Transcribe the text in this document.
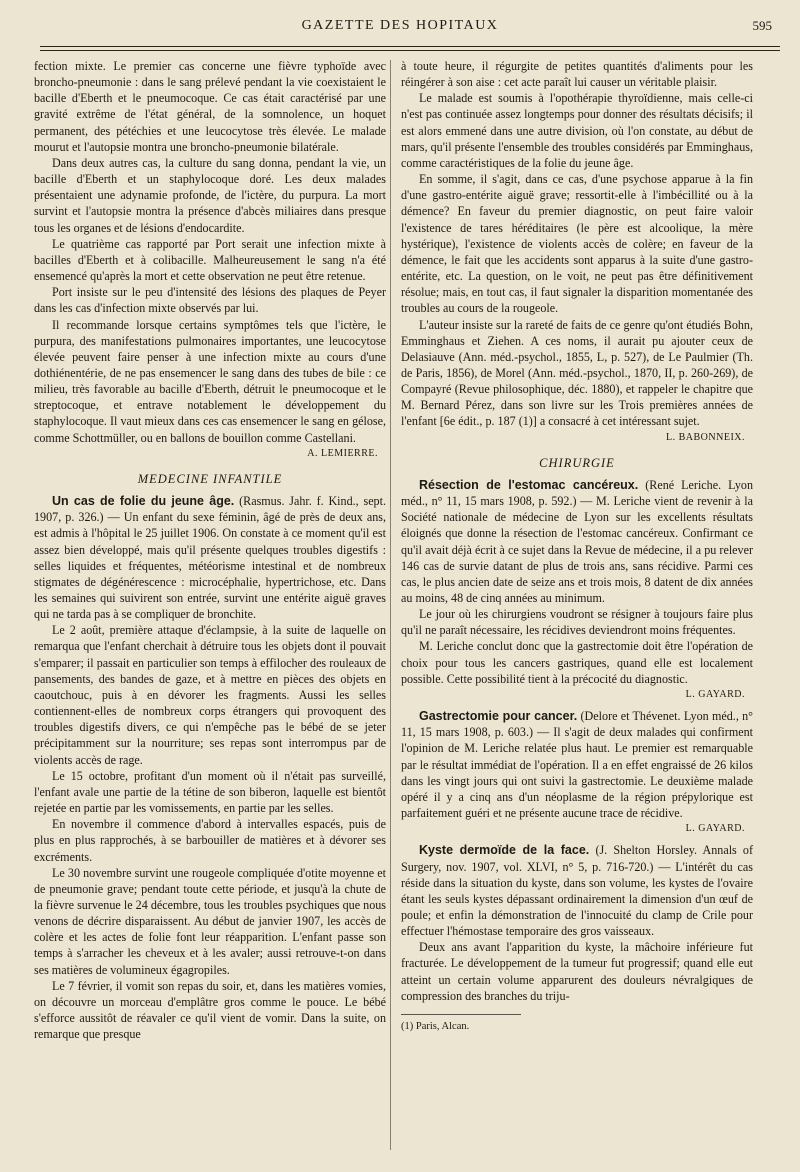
GAZETTE DES HOPITAUX	595

fection mixte. Le premier cas concerne une fièvre typhoïde avec broncho-pneumonie : dans le sang prélevé pendant la vie coexistaient le bacille d'Eberth et le pneumocoque. Ce cas était caractérisé par une gravité extrême de l'état général, de la somnolence, un hoquet permanent, des pétéchies et une leucocytose très élevée. Le malade mourut et l'autopsie montra une broncho-pneumonie bilatérale.

Dans deux autres cas, la culture du sang donna, pendant la vie, un bacille d'Eberth et un staphylocoque doré. Les deux malades présentaient une adynamie profonde, de l'ictère, du purpura. La mort survint et l'autopsie montra la présence d'abcès miliaires dans presque tous les organes et de lésions d'endocardite.

Le quatrième cas rapporté par Port serait une infection mixte à bacilles d'Eberth et à colibacille. Malheureusement le sang n'a été ensemencé qu'après la mort et cette observation ne peut être retenue.

Port insiste sur le peu d'intensité des lésions des plaques de Peyer dans les cas d'infection mixte observés par lui.

Il recommande lorsque certains symptômes tels que l'ictère, le purpura, des manifestations pulmonaires importantes, une leucocytose élevée peuvent faire penser à une infection mixte au cours d'une dothiénentérie, de ne pas ensemencer le sang dans des tubes de bile : ce milieu, très favorable au bacille d'Eberth, détruit le pneumocoque et le streptocoque, et entrave notablement le développement du staphylocoque. Il vaut mieux dans ces cas ensemencer le sang en gélose, comme Schottmüller, ou en ballons de bouillon comme Castellani.

A. LEMIERRE.
MEDECINE INFANTILE

Un cas de folie du jeune âge. (Rasmus. Jahr. f. Kind., sept. 1907, p. 326.) — Un enfant du sexe féminin, âgé de près de deux ans, est admis à l'hôpital le 25 juillet 1906. On constate à ce moment qu'il est assez bien développé, mais qu'il présente quelques troubles digestifs : selles liquides et fréquentes, météorisme intestinal et de nombreux stigmates de dégénérescence : microcéphalie, hypertrichose, etc. Dans les semaines qui suivirent son entrée, survint une entérite aiguë graves qui ne tarda pas à se compliquer de bronchite.

Le 2 août, première attaque d'éclampsie, à la suite de laquelle on remarqua que l'enfant cherchait à détruire tous les objets dont il pouvait s'emparer; il passait en particulier son temps à effilocher des rouleaux de pansements, des bandes de gaze, et à mettre en pièces des objets en caoutchouc, puis à en dévorer les fragments. Aussi les selles contiennent-elles de nombreux corps étrangers qui provoquent des troubles digestifs divers, ce qui n'empêche pas le bébé de se jeter précipitamment sur la nourriture; ses repas sont interrompus par de violents accès de rage.

Le 15 octobre, profitant d'un moment où il n'était pas surveillé, l'enfant avale une partie de la tétine de son biberon, laquelle est bientôt rejetée en partie par les vomissements, en partie par les selles.

En novembre il commence d'abord à intervalles espacés, puis de plus en plus rapprochés, à se barbouiller de matières et à dévorer ses excréments.

Le 30 novembre survint une rougeole compliquée d'otite moyenne et de pneumonie grave; pendant toute cette période, et jusqu'à la chute de la fièvre survenue le 24 décembre, tous les troubles psychiques que nous venons de décrire disparaissent. Au début de janvier 1907, les accès de colère et les actes de folie font leur réapparition. L'enfant passe son temps à s'arracher les cheveux et à les avaler; aussi retrouve-t-on dans ses matières de volumineux égagropiles.

Le 7 février, il vomit son repas du soir, et, dans les matières vomies, on découvre un morceau d'emplâtre gros comme le pouce. Le bébé s'efforce aussitôt de réavaler ce qu'il vient de vomir. Dans la suite, on remarque que presque

à toute heure, il régurgite de petites quantités d'aliments pour les réingérer à son aise : cet acte paraît lui causer un véritable plaisir.

Le malade est soumis à l'opothérapie thyroïdienne, mais celle-ci n'est pas continuée assez longtemps pour donner des résultats décisifs; il est alors emmené dans une autre division, où l'on constate, au début de mars, qu'il présente l'ensemble des troubles considérés par Emminghaus, comme caractéristiques de la folie du jeune âge.

En somme, il s'agit, dans ce cas, d'une psychose apparue à la fin d'une gastro-entérite aiguë grave; ressortit-elle à l'imbécillité ou à la démence? En faveur du premier diagnostic, on peut faire valoir l'existence de tares héréditaires (le père est alcoolique, la mère hystérique), l'existence de violents accès de colère; en faveur de la démence, le fait que les accidents sont apparus à la suite d'une gastro-entérite, etc. La question, on le voit, ne peut pas être définitivement résolue; mais, en tout cas, il faut signaler la disparition momentanée des troubles au cours de la rougeole.

L'auteur insiste sur la rareté de faits de ce genre qu'ont étudiés Bohn, Emminghaus et Ziehen. A ces noms, il aurait pu ajouter ceux de Delasiauve (Ann. méd.-psychol., 1855, L, p. 527), de Le Paulmier (Th. de Paris, 1856), de Morel (Ann. méd.-psychol., 1870, II, p. 260-269), de Compayré (Revue philosophique, déc. 1880), et rappeler le chapitre que M. Bernard Pérez, dans son livre sur les Trois premières années de l'enfant [6e édit., p. 187 (1)] a consacré à cet intéressant sujet.

L. BABONNEIX.
CHIRURGIE

Résection de l'estomac cancéreux. (René Leriche. Lyon méd., n° 11, 15 mars 1908, p. 592.) — M. Leriche vient de revenir à la Société nationale de médecine de Lyon sur les excellents résultats éloignés que donne la résection de l'estomac cancéreux. Confirmant ce qu'il avait déjà écrit à ce sujet dans la Revue de médecine, il a pu relever 146 cas de survie datant de plus de trois ans, sans récidive. Parmi ces cas, le plus ancien date de seize ans et trois mois, 8 datent de dix années au moins, 48 de cinq années au minimum.

Le jour où les chirurgiens voudront se résigner à toujours faire plus qu'il ne paraît nécessaire, les récidives deviendront moins fréquentes.

M. Leriche conclut donc que la gastrectomie doit être l'opération de choix pour tous les cancers gastriques, quand elle est localement possible. Cette possibilité tient à la précocité du diagnostic.

L. GAYARD.

Gastrectomie pour cancer. (Delore et Thévenet. Lyon méd., n° 11, 15 mars 1908, p. 603.) — Il s'agit de deux malades qui confirment l'opinion de M. Leriche relatée plus haut. Le premier est remarquable par le résultat immédiat de l'opération. Il a en effet engraissé de 26 kilos dans les vingt jours qui ont suivi la gastrectomie. Le deuxième malade opéré il y a cinq ans d'un néoplasme de la région prépylorique est parfaitement guéri et ne présente aucune trace de récidive.

L. GAYARD.

Kyste dermoïde de la face. (J. Shelton Horsley. Annals of Surgery, nov. 1907, vol. XLVI, n° 5, p. 716-720.) — L'intérêt du cas réside dans la situation du kyste, dans son volume, les kystes de l'ovaire étant les seuls kystes dépassant ordinairement la dimension d'un œuf de poule; et enfin la démonstration de l'innocuité du clamp de Crile pour effectuer l'hémostase temporaire des gros vaisseaux.

Deux ans avant l'apparition du kyste, la mâchoire inférieure fut fracturée. Le développement de la tumeur fut progressif; quand elle eut atteint un certain volume apparurent des douleurs névralgiques de compression des branches du triju-

(1) Paris, Alcan.
